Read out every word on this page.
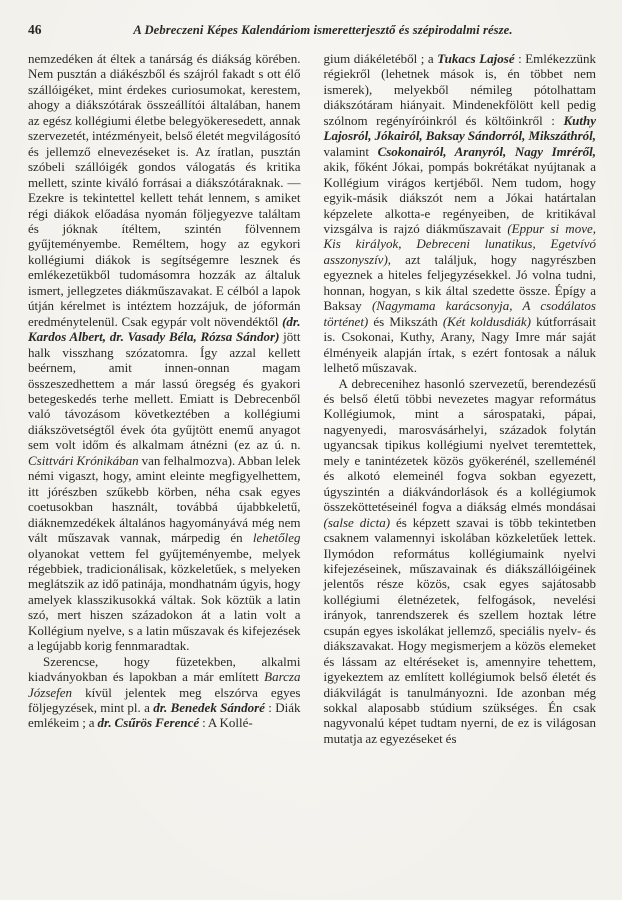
46	A Debreczeni Képes Kalendáriom ismeretterjesztő és szépirodalmi része.

nemzedéken át éltek a tanárság és diákság körében. Nem pusztán a diákészből és szájról fakadt s ott élő szállóigéket, mint érdekes curiosumokat, kerestem, ahogy a diákszótárak összeállítói általában, hanem az egész kollégiumi életbe belegyökeresedett, annak szervezetét, intézményeit, belső életét megvilágosító és jellemző elnevezéseket is. Az íratlan, pusztán szóbeli szállóigék gondos válogatás és kritika mellett, szinte kiváló forrásai a diákszótáraknak. — Ezekre is tekintettel kellett tehát lennem, s amiket régi diákok előadása nyomán följegyezve találtam és jóknak ítéltem, szintén fölvennem gyűjteményembe. Reméltem, hogy az egykori kollégiumi diákok is segítségemre lesznek és emlékezetükből tudomásomra hozzák az általuk ismert, jellegzetes diákműszavakat. E célból a lapok útján kérelmet is intéztem hozzájuk, de jóformán eredménytelenül. Csak egypár volt növendéktől (dr. Kardos Albert, dr. Vasady Béla, Rózsa Sándor) jött halk visszhang szózatomra. Így azzal kellett beérnem, amit innen-onnan magam összeszedhettem a már lassú öregség és gyakori betegeskedés terhe mellett. Emiatt is Debrecenből való távozásom következtében a kollégiumi diákszövetségtől évek óta gyűjtött enemű anyagot sem volt időm és alkalmam átnézni (ez az ú. n. Csittvári Krónikában van felhalmozva). Abban lelek némi vigaszt, hogy, amint eleinte megfigyelhettem, itt jórészben szűkebb körben, néha csak egyes coetusokban használt, továbbá újabbkeletű, diáknemzedékek általános hagyományává még nem vált műszavak vannak, márpedig én lehetőleg olyanokat vettem fel gyűjteményembe, melyek régebbiek, tradicionálisak, közkeletűek, s melyeken meglátszik az idő patinája, mondhatnám úgyis, hogy amelyek klasszikusokká váltak. Sok köztük a latin szó, mert hiszen századokon át a latin volt a Kollégium nyelve, s a latin műszavak és kifejezések a legújabb korig fennmaradtak.

Szerencse, hogy füzetekben, alkalmi kiadványokban és lapokban a már említett Barcza Józsefen kívül jelentek meg elszórva egyes följegyzések, mint pl. a dr. Benedek Sándoré : Diák emlékeim ; a dr. Csűrös Ferencé : A Kollé-

gium diákéletéből ; a Tukacs Lajosé : Emlékezzünk régiekről (lehetnek mások is, én többet nem ismerek), melyekből némileg pótolhattam diákszótáram hiányait. Mindenekfölött kell pedig szólnom regényíróinkról és költőinkről : Kuthy Lajosról, Jókairól, Baksay Sándorról, Mikszáthról, valamint Csokonairól, Aranyról, Nagy Imréről, akik, főként Jókai, pompás bokrétákat nyújtanak a Kollégium virágos kertjéből. Nem tudom, hogy egyik-másik diákszót nem a Jókai határtalan képzelete alkotta-e regényeiben, de kritikával vizsgálva is rajzó diákműszavait (Eppur si move, Kis királyok, Debreceni lunatikus, Egetvívó asszonyszív), azt találjuk, hogy nagyrészben egyeznek a hiteles feljegyzésekkel. Jó volna tudni, honnan, hogyan, s kik által szedette össze. Épígy a Baksay (Nagymama karácsonyja, A csodálatos történet) és Mikszáth (Két koldusdiák) kútforrásait is. Csokonai, Kuthy, Arany, Nagy Imre már saját élményeik alapján írtak, s ezért fontosak a náluk lelhető műszavak.

A debrecenihez hasonló szervezetű, berendezésű és belső életű többi nevezetes magyar református Kollégiumok, mint a sárospataki, pápai, nagyenyedi, marosvásárhelyi, századok folytán ugyancsak tipikus kollégiumi nyelvet teremtettek, mely e tanintézetek közös gyökerénél, szelleménél és alkotó elemeinél fogva sokban egyezett, úgyszintén a diákvándorlások és a kollégiumok összeköttetéseinél fogva a diákság elmés mondásai (salse dicta) és képzett szavai is több tekintetben csaknem valamennyi iskolában közkeletűek lettek. Ilymódon református kollégiumaink nyelvi kifejezéseinek, műszavainak és diákszállóigéinek jelentős része közös, csak egyes sajátosabb kollégiumi életnézetek, felfogások, nevelési irányok, tanrendszerek és szellem hoztak létre csupán egyes iskolákat jellemző, speciális nyelv- és diákszavakat. Hogy megismerjem a közös elemeket és lássam az eltéréseket is, amennyire tehettem, igyekeztem az említett kollégiumok belső életét és diákvilágát is tanulmányozni. Ide azonban még sokkal alaposabb stúdium szükséges. Én csak nagyvonalú képet tudtam nyerni, de ez is világosan mutatja az egyezéseket és
